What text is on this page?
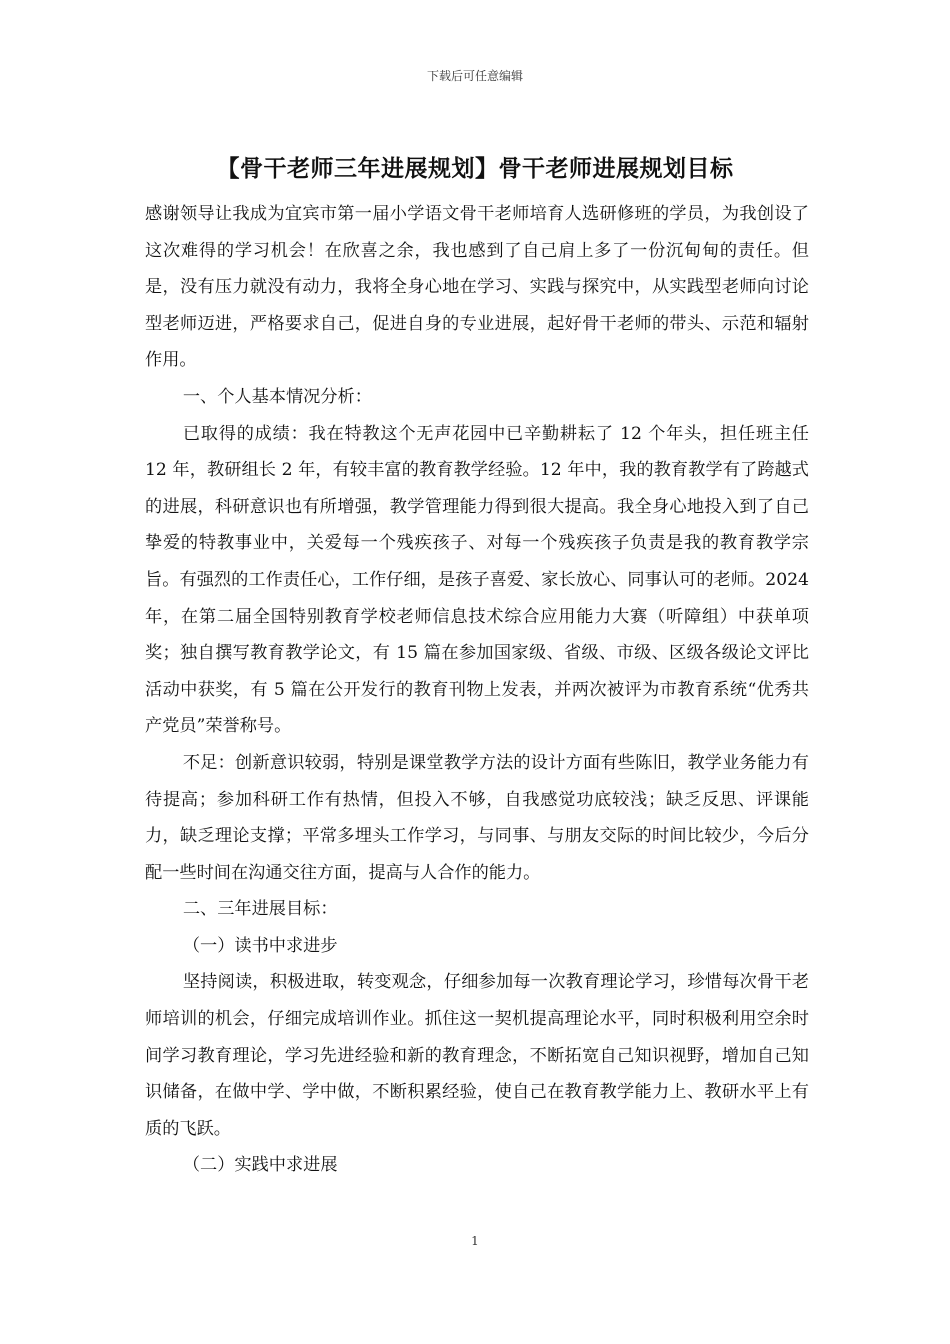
下载后可任意编辑
【骨干老师三年进展规划】骨干老师进展规划目标

感谢领导让我成为宜宾市第一届小学语文骨干老师培育人选研修班的学员，为我创设了这次难得的学习机会！在欣喜之余，我也感到了自己肩上多了一份沉甸甸的责任。但是，没有压力就没有动力，我将全身心地在学习、实践与探究中，从实践型老师向讨论型老师迈进，严格要求自己，促进自身的专业进展，起好骨干老师的带头、示范和辐射作用。

一、个人基本情况分析：

已取得的成绩：我在特教这个无声花园中已辛勤耕耘了 12 个年头，担任班主任 12 年，教研组长 2 年，有较丰富的教育教学经验。12 年中，我的教育教学有了跨越式的进展，科研意识也有所增强，教学管理能力得到很大提高。我全身心地投入到了自己挚爱的特教事业中，关爱每一个残疾孩子、对每一个残疾孩子负责是我的教育教学宗旨。有强烈的工作责任心，工作仔细，是孩子喜爱、家长放心、同事认可的老师。2024 年，在第二届全国特别教育学校老师信息技术综合应用能力大赛（听障组）中获单项奖；独自撰写教育教学论文，有 15 篇在参加国家级、省级、市级、区级各级论文评比活动中获奖，有 5 篇在公开发行的教育刊物上发表，并两次被评为市教育系统“优秀共产党员”荣誉称号。

不足：创新意识较弱，特别是课堂教学方法的设计方面有些陈旧，教学业务能力有待提高；参加科研工作有热情，但投入不够，自我感觉功底较浅；缺乏反思、评课能力，缺乏理论支撑；平常多埋头工作学习，与同事、与朋友交际的时间比较少，今后分配一些时间在沟通交往方面，提高与人合作的能力。

二、三年进展目标：

（一）读书中求进步

坚持阅读，积极进取，转变观念，仔细参加每一次教育理论学习，珍惜每次骨干老师培训的机会，仔细完成培训作业。抓住这一契机提高理论水平，同时积极利用空余时间学习教育理论，学习先进经验和新的教育理念，不断拓宽自己知识视野，增加自己知识储备，在做中学、学中做，不断积累经验，使自己在教育教学能力上、教研水平上有质的飞跃。

（二）实践中求进展

1
